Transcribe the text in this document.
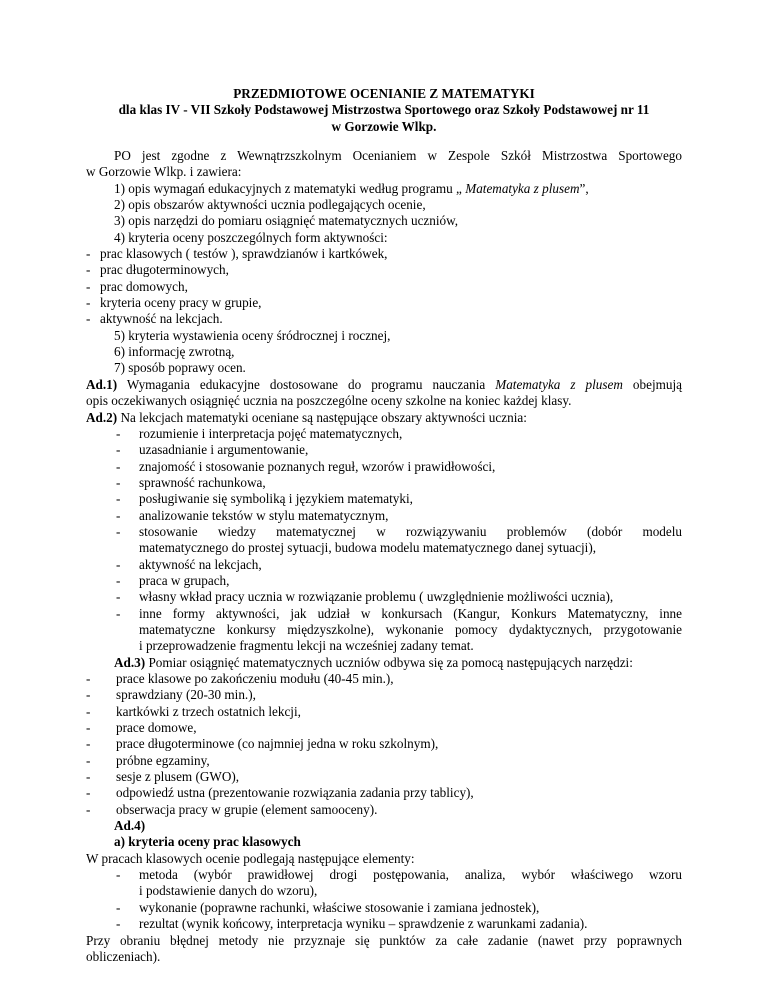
PRZEDMIOTOWE OCENIANIE Z MATEMATYKI
dla klas IV - VII Szkoły Podstawowej Mistrzostwa Sportowego oraz Szkoły Podstawowej nr 11
w Gorzowie Wlkp.
PO jest zgodne z Wewnątrzszkolnym Ocenianiem w Zespole Szkół Mistrzostwa Sportowego
w Gorzowie Wlkp. i zawiera:
1) opis wymagań edukacyjnych z matematyki według programu „ Matematyka z plusem”,
2) opis obszarów aktywności ucznia podlegających ocenie,
3) opis narzędzi do pomiaru osiągnięć matematycznych uczniów,
4) kryteria oceny poszczególnych form aktywności:
- prac klasowych ( testów ), sprawdzianów i kartkówek,
- prac długoterminowych,
- prac domowych,
- kryteria oceny pracy w grupie,
- aktywność na lekcjach.
5) kryteria wystawienia oceny śródrocznej i rocznej,
6) informację zwrotną,
7) sposób poprawy ocen.
Ad.1) Wymagania edukacyjne dostosowane do programu nauczania Matematyka z plusem obejmują
opis oczekiwanych osiągnięć ucznia na poszczególne oceny szkolne na koniec każdej klasy.
Ad.2) Na lekcjach matematyki oceniane są następujące obszary aktywności ucznia:
- rozumienie i interpretacja pojęć matematycznych,
- uzasadnianie i argumentowanie,
- znajomość i stosowanie poznanych reguł, wzorów i prawidłowości,
- sprawność rachunkowa,
- posługiwanie się symboliką i językiem matematyki,
- analizowanie tekstów w stylu matematycznym,
- stosowanie wiedzy matematycznej w rozwiązywaniu problemów (dobór modelu
matematycznego do prostej sytuacji, budowa modelu matematycznego danej sytuacji),
- aktywność na lekcjach,
- praca w grupach,
- własny wkład pracy ucznia w rozwiązanie problemu ( uwzględnienie możliwości ucznia),
- inne formy aktywności, jak udział w konkursach (Kangur, Konkurs Matematyczny, inne
matematyczne konkursy międzyszkolne), wykonanie pomocy dydaktycznych, przygotowanie
i przeprowadzenie fragmentu lekcji na wcześniej zadany temat.
Ad.3) Pomiar osiągnięć matematycznych uczniów odbywa się za pomocą następujących narzędzi:
- prace klasowe po zakończeniu modułu (40-45 min.),
- sprawdziany (20-30 min.),
- kartkówki z trzech ostatnich lekcji,
- prace domowe,
- prace długoterminowe (co najmniej jedna w roku szkolnym),
- próbne egzaminy,
- sesje z plusem (GWO),
- odpowiedź ustna (prezentowanie rozwiązania zadania przy tablicy),
- obserwacja pracy w grupie (element samooceny).
Ad.4)
a) kryteria oceny prac klasowych
W pracach klasowych ocenie podlegają następujące elementy:
- metoda (wybór prawidłowej drogi postępowania, analiza, wybór właściwego wzoru
i podstawienie danych do wzoru),
- wykonanie (poprawne rachunki, właściwe stosowanie i zamiana jednostek),
- rezultat (wynik końcowy, interpretacja wyniku – sprawdzenie z warunkami zadania).
Przy obraniu błędnej metody nie przyznaje się punktów za całe zadanie (nawet przy poprawnych
obliczeniach).
